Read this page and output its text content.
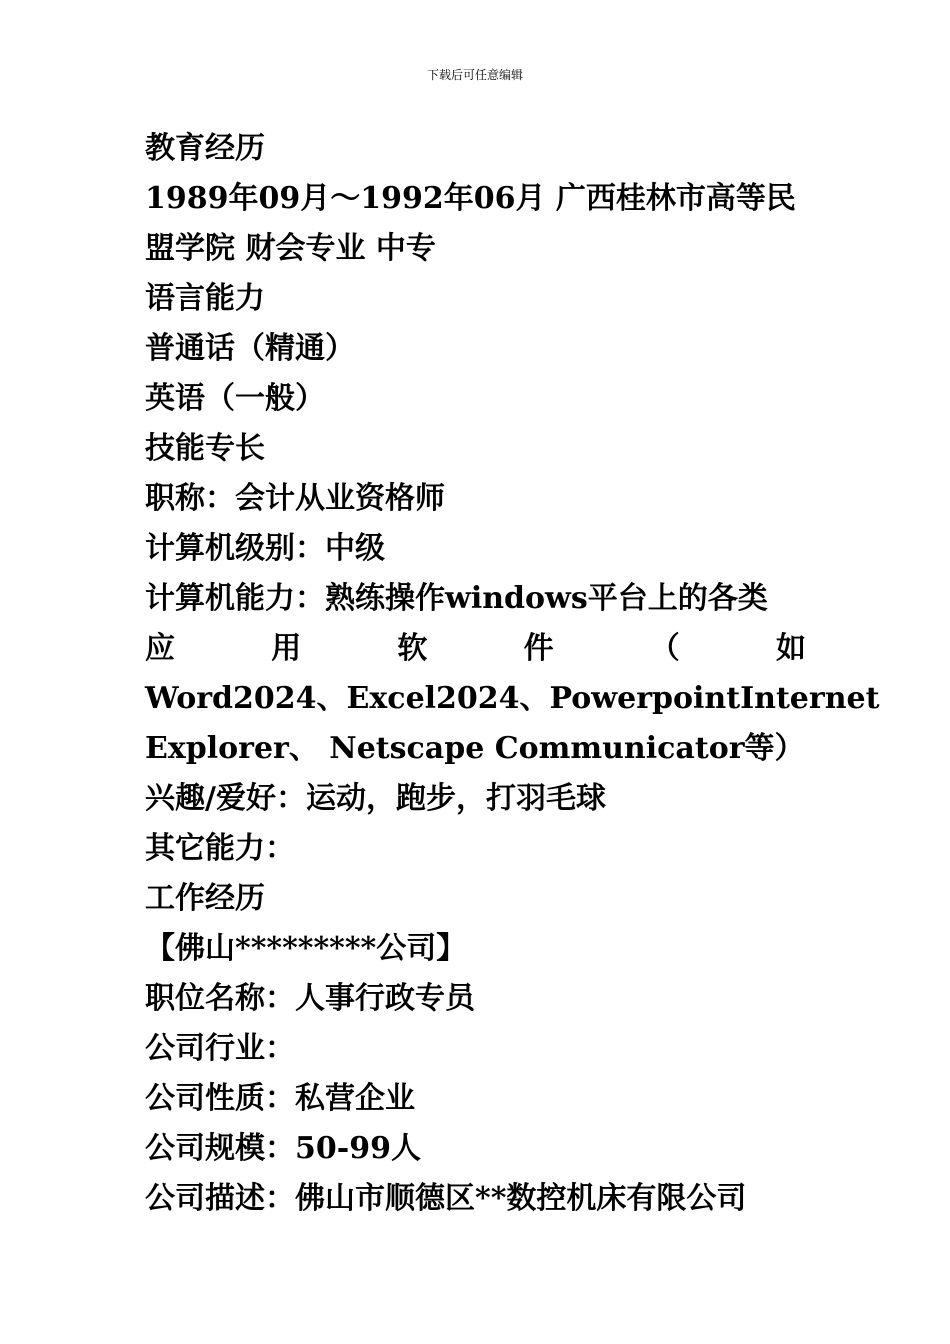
下载后可任意编辑
教育经历
1989年09月～1992年06月 广西桂林市高等民
盟学院 财会专业 中专
语言能力
普通话（精通）
英语（一般）
技能专长
职称：会计从业资格师
计算机级别：中级
计算机能力：熟练操作windows平台上的各类
应	用	软	件	（	如
Word2024 、 Excel2024 、 Powerpoint Internet
Explorer、 Netscape Communicator等）
兴趣/爱好：运动，跑步，打羽毛球
其它能力：
工作经历
【佛山*********公司】
职位名称：人事行政专员
公司行业：
公司性质：私营企业
公司规模：50-99人
公司描述：佛山市顺德区**数控机床有限公司
